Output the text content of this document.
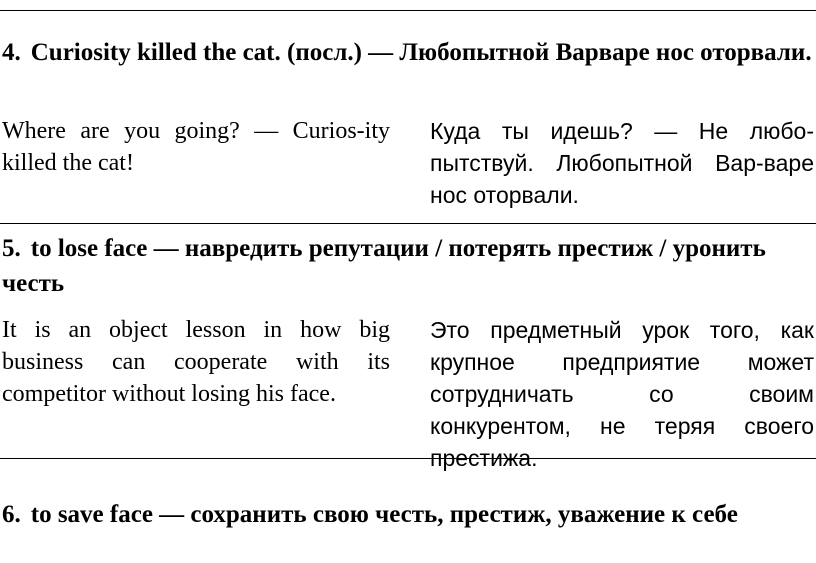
4. Curiosity killed the cat. (посл.) — Любопытной Варваре нос оторвали.

Where are you going? — Curios-ity killed the cat!

Куда ты идешь? — Не любо-пытствуй. Любопытной Вар-варе нос оторвали.

5. to lose face — навредить репутации / потерять престиж / уронить честь

It is an object lesson in how big business can cooperate with its competitor without losing his face.

Это предметный урок того, как крупное предприятие может сотрудничать со своим конкурентом, не теряя своего престижа.

6. to save face — сохранить свою честь, престиж, уважение к себе
